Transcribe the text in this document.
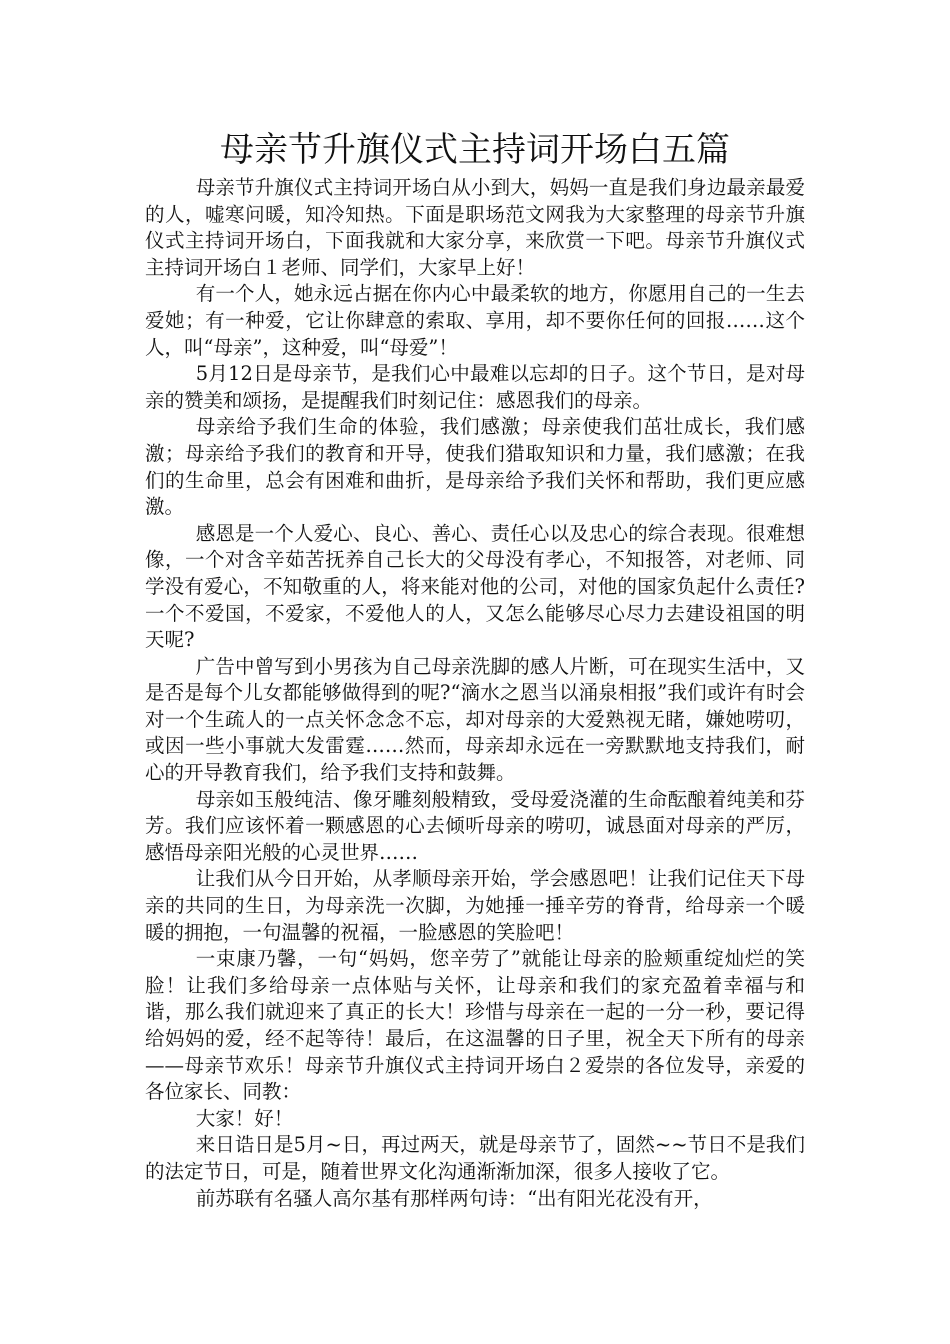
母亲节升旗仪式主持词开场白五篇

母亲节升旗仪式主持词开场白从小到大，妈妈一直是我们身边最亲最爱的人，嘘寒问暖，知冷知热。下面是职场范文网我为大家整理的母亲节升旗仪式主持词开场白，下面我就和大家分享，来欣赏一下吧。母亲节升旗仪式主持词开场白１老师、同学们，大家早上好！

有一个人，她永远占据在你内心中最柔软的地方，你愿用自己的一生去爱她；有一种爱，它让你肆意的索取、享用，却不要你任何的回报……这个人，叫“母亲”，这种爱，叫“母爱”！

5月12日是母亲节，是我们心中最难以忘却的日子。这个节日，是对母亲的赞美和颂扬，是提醒我们时刻记住：感恩我们的母亲。

母亲给予我们生命的体验，我们感激；母亲使我们茁壮成长，我们感激；母亲给予我们的教育和开导，使我们猎取知识和力量，我们感激；在我们的生命里，总会有困难和曲折，是母亲给予我们关怀和帮助，我们更应感激。

感恩是一个人爱心、良心、善心、责任心以及忠心的综合表现。很难想像，一个对含辛茹苦抚养自己长大的父母没有孝心，不知报答，对老师、同学没有爱心，不知敬重的人，将来能对他的公司，对他的国家负起什么责任?一个不爱国，不爱家，不爱他人的人，又怎么能够尽心尽力去建设祖国的明天呢?

广告中曾写到小男孩为自己母亲洗脚的感人片断，可在现实生活中，又是否是每个儿女都能够做得到的呢?“滴水之恩当以涌泉相报”我们或许有时会对一个生疏人的一点关怀念念不忘，却对母亲的大爱熟视无睹，嫌她唠叨，或因一些小事就大发雷霆……然而，母亲却永远在一旁默默地支持我们，耐心的开导教育我们，给予我们支持和鼓舞。

母亲如玉般纯洁、像牙雕刻般精致，受母爱浇灌的生命酝酿着纯美和芬芳。我们应该怀着一颗感恩的心去倾听母亲的唠叨，诚恳面对母亲的严厉，感悟母亲阳光般的心灵世界……

让我们从今日开始，从孝顺母亲开始，学会感恩吧！让我们记住天下母亲的共同的生日，为母亲洗一次脚，为她捶一捶辛劳的脊背，给母亲一个暖暖的拥抱，一句温馨的祝福，一脸感恩的笑脸吧！

一束康乃馨，一句“妈妈，您辛劳了”就能让母亲的脸颊重绽灿烂的笑脸！让我们多给母亲一点体贴与关怀，让母亲和我们的家充盈着幸福与和谐，那么我们就迎来了真正的长大！珍惜与母亲在一起的一分一秒，要记得给妈妈的爱，经不起等待！最后，在这温馨的日子里，祝全天下所有的母亲——母亲节欢乐！母亲节升旗仪式主持词开场白２爱崇的各位发导，亲爱的各位家长、同教：

大家！好！

来日诰日是5月~日，再过两天，就是母亲节了，固然~~节日不是我们的法定节日，可是，随着世界文化沟通渐渐加深，很多人接收了它。

前苏联有名骚人高尔基有那样两句诗：“出有阳光花没有开，
